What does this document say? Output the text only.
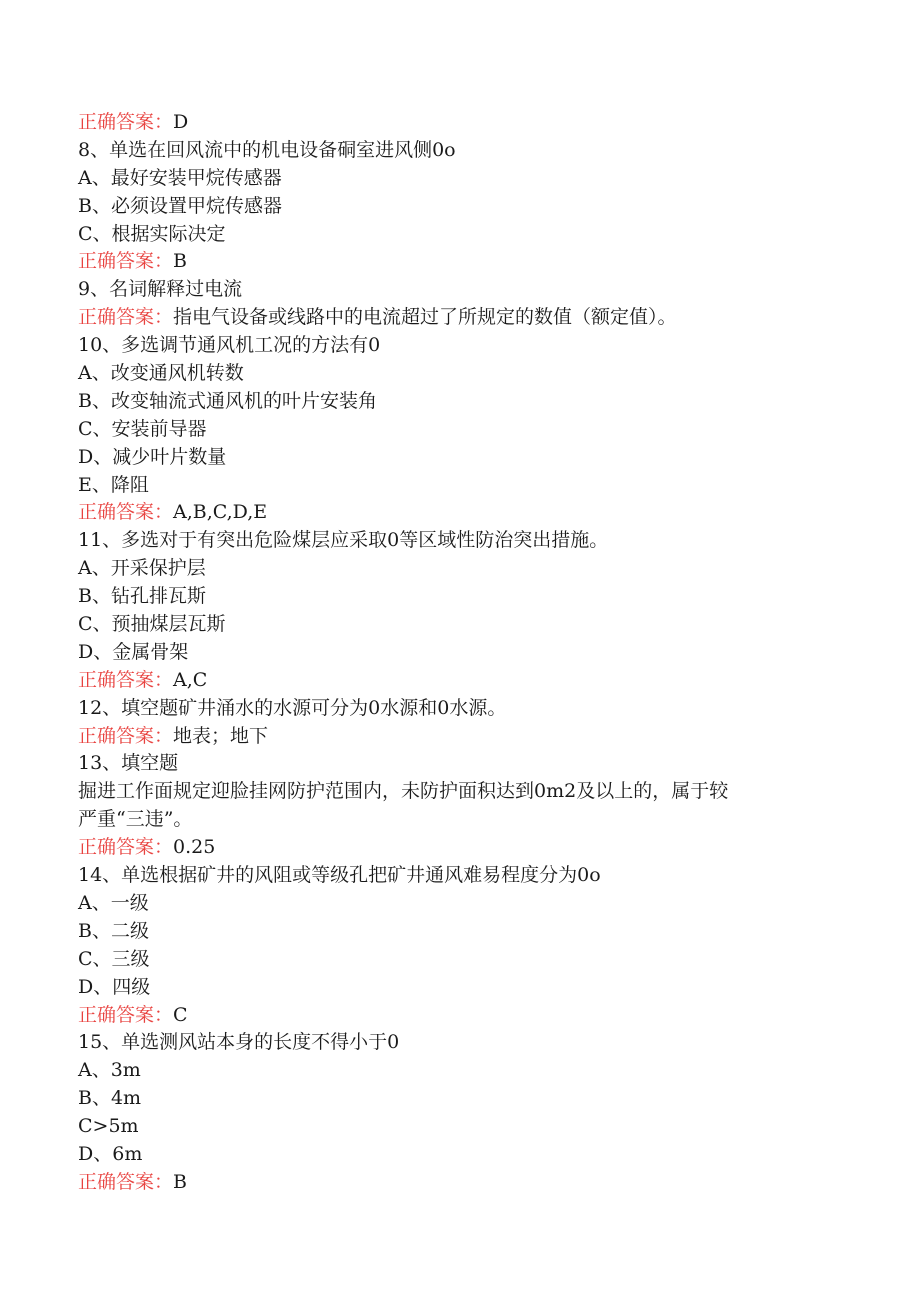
正确答案：D
8、单选在回风流中的机电设备硐室进风侧0o
A、最好安装甲烷传感器
B、必须设置甲烷传感器
C、根据实际决定
正确答案：B
9、名词解释过电流
正确答案：指电气设备或线路中的电流超过了所规定的数值（额定值）。
10、多选调节通风机工况的方法有0
A、改变通风机转数
B、改变轴流式通风机的叶片安装角
C、安装前导器
D、减少叶片数量
E、降阻
正确答案：A,B,C,D,E
11、多选对于有突出危险煤层应采取0等区域性防治突出措施。
A、开采保护层
B、钻孔排瓦斯
C、预抽煤层瓦斯
D、金属骨架
正确答案：A,C
12、填空题矿井涌水的水源可分为0水源和0水源。
正确答案：地表；地下
13、填空题
掘进工作面规定迎脸挂网防护范围内，未防护面积达到0m2及以上的，属于较
严重“三违”。
正确答案：0.25
14、单选根据矿井的风阻或等级孔把矿井通风难易程度分为0o
A、一级
B、二级
C、三级
D、四级
正确答案：C
15、单选测风站本身的长度不得小于0
A、3m
B、4m
C>5m
D、6m
正确答案：B
